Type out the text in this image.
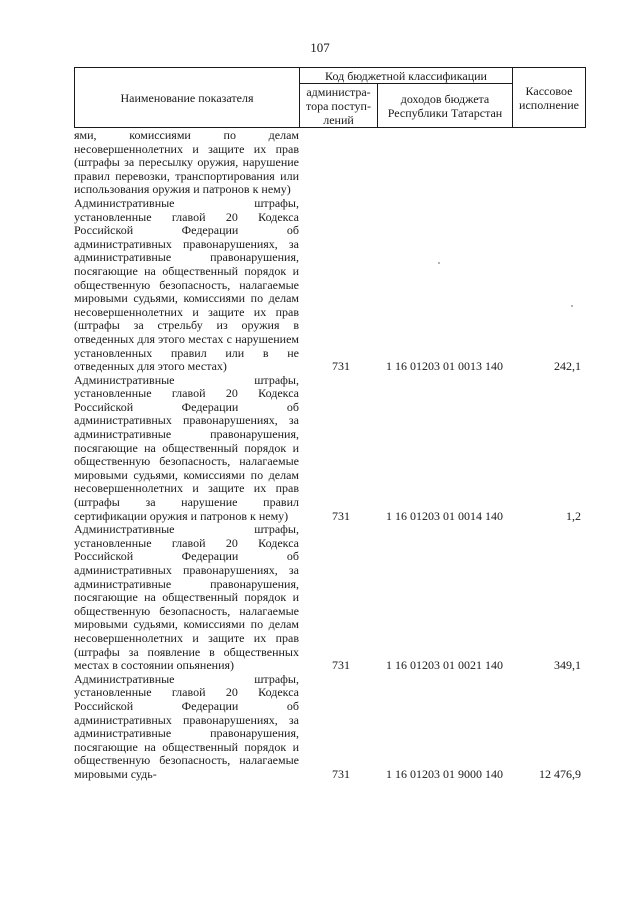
107
Наименование показателя	Код бюджетной классификации		Кассовое исполнение
	администра-тора поступ-лений	доходов бюджета Республики Татарстан	
ями, комиссиями по делам несовершеннолетних и защите их прав (штрафы за пересылку оружия, нарушение правил перевозки, транспортирования или использования оружия и патронов к нему)
Административные штрафы, установленные главой 20 Кодекса Российской Федерации об административных правонарушениях, за административные правонарушения, посягающие на общественный порядок и общественную безопасность, налагаемые мировыми судьями, комиссиями по делам несовершеннолетних и защите их прав (штрафы за стрельбу из оружия в отведенных для этого местах с нарушением установленных правил или в не отведенных для этого местах)	731	1 16 01203 01 0013 140	242,1
Административные штрафы, установленные главой 20 Кодекса Российской Федерации об административных правонарушениях, за административные правонарушения, посягающие на общественный порядок и общественную безопасность, налагаемые мировыми судьями, комиссиями по делам несовершеннолетних и защите их прав (штрафы за нарушение правил сертификации оружия и патронов к нему)	731	1 16 01203 01 0014 140	1,2
Административные штрафы, установленные главой 20 Кодекса Российской Федерации об административных правонарушениях, за административные правонарушения, посягающие на общественный порядок и общественную безопасность, налагаемые мировыми судьями, комиссиями по делам несовершеннолетних и защите их прав (штрафы за появление в общественных местах в состоянии опьянения)	731	1 16 01203 01 0021 140	349,1
Административные штрафы, установленные главой 20 Кодекса Российской Федерации об административных правонарушениях, за административные правонарушения, посягающие на общественный порядок и общественную безопасность, налагаемые мировыми судь-	731	1 16 01203 01 9000 140	12 476,9
